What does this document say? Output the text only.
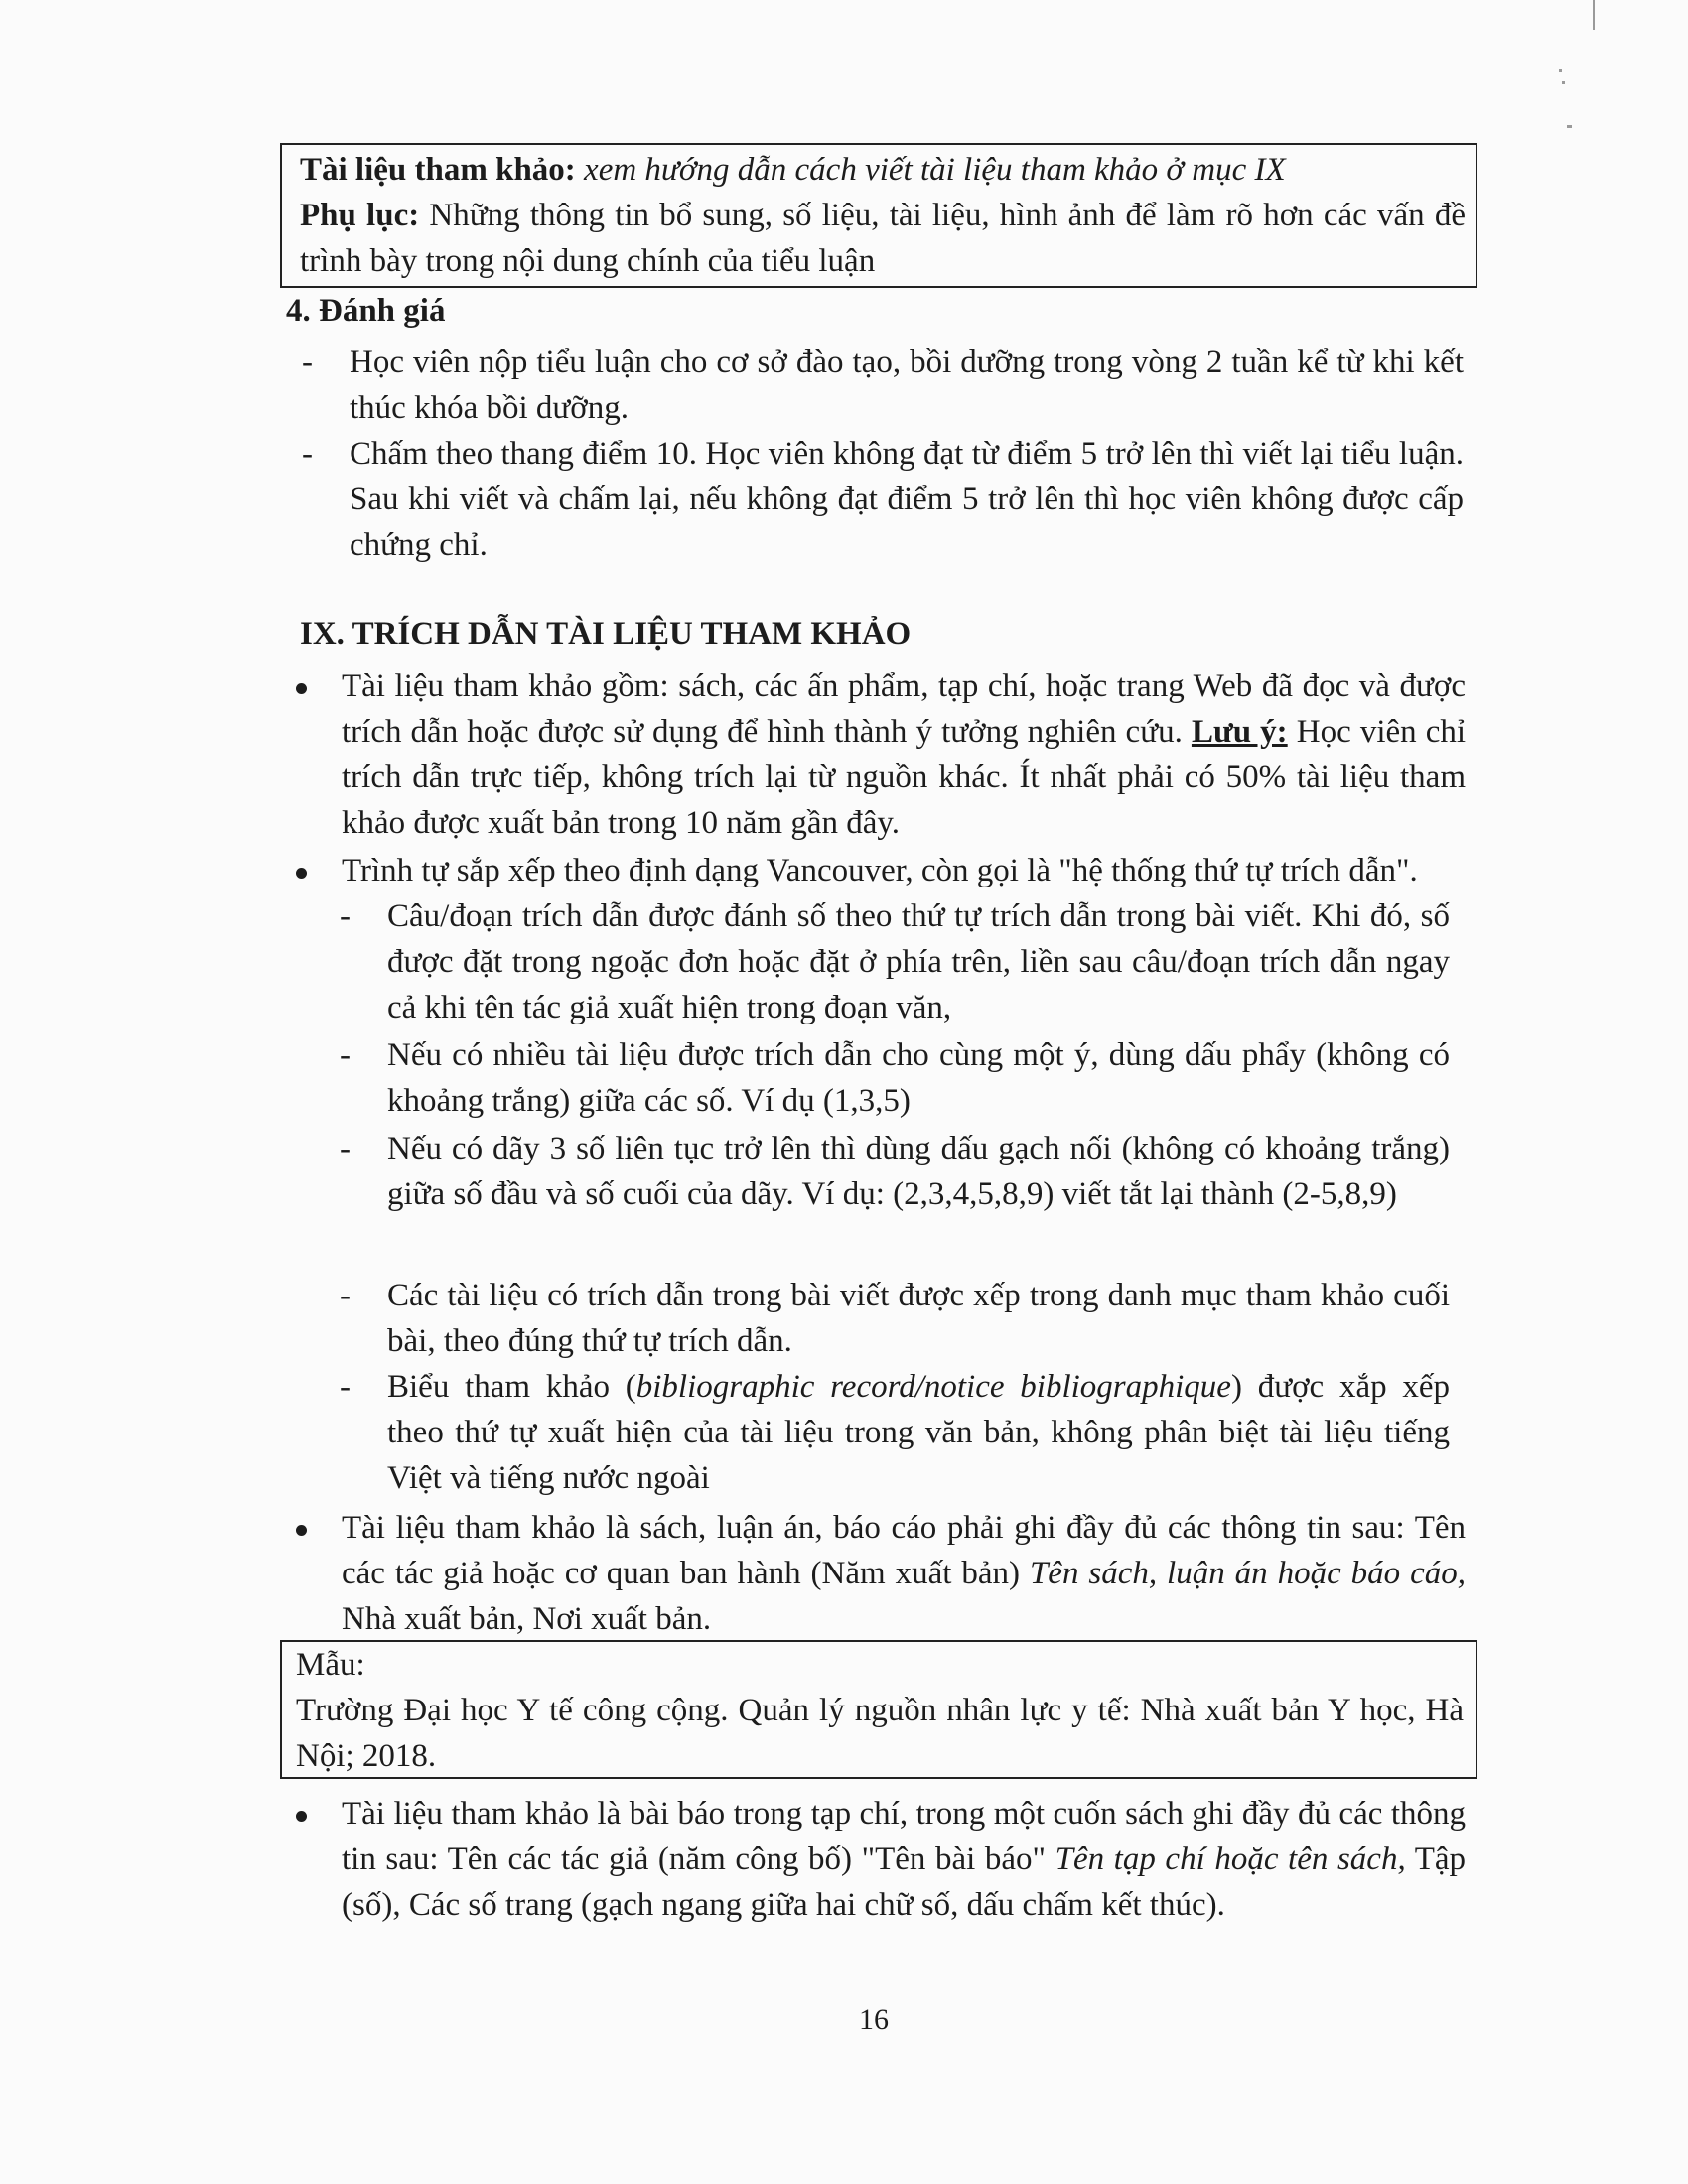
Tài liệu tham khảo: xem hướng dẫn cách viết tài liệu tham khảo ở mục IX

Phụ lục: Những thông tin bổ sung, số liệu, tài liệu, hình ảnh để làm rõ hơn các vấn đề trình bày trong nội dung chính của tiểu luận

4. Đánh giá
- Học viên nộp tiểu luận cho cơ sở đào tạo, bồi dưỡng trong vòng 2 tuần kể từ khi kết thúc khóa bồi dưỡng.
- Chấm theo thang điểm 10. Học viên không đạt từ điểm 5 trở lên thì viết lại tiểu luận. Sau khi viết và chấm lại, nếu không đạt điểm 5 trở lên thì học viên không được cấp chứng chỉ.
IX. TRÍCH DẪN TÀI LIỆU THAM KHẢO
Tài liệu tham khảo gồm: sách, các ấn phẩm, tạp chí, hoặc trang Web đã đọc và được trích dẫn hoặc được sử dụng để hình thành ý tưởng nghiên cứu. Lưu ý: Học viên chỉ trích dẫn trực tiếp, không trích lại từ nguồn khác. Ít nhất phải có 50% tài liệu tham khảo được xuất bản trong 10 năm gần đây.
Trình tự sắp xếp theo định dạng Vancouver, còn gọi là "hệ thống thứ tự trích dẫn".
- Câu/đoạn trích dẫn được đánh số theo thứ tự trích dẫn trong bài viết. Khi đó, số được đặt trong ngoặc đơn hoặc đặt ở phía trên, liền sau câu/đoạn trích dẫn ngay cả khi tên tác giả xuất hiện trong đoạn văn,
- Nếu có nhiều tài liệu được trích dẫn cho cùng một ý, dùng dấu phẩy (không có khoảng trắng) giữa các số. Ví dụ (1,3,5)
- Nếu có dãy 3 số liên tục trở lên thì dùng dấu gạch nối (không có khoảng trắng) giữa số đầu và số cuối của dãy. Ví dụ: (2,3,4,5,8,9) viết tắt lại thành (2-5,8,9)
- Các tài liệu có trích dẫn trong bài viết được xếp trong danh mục tham khảo cuối bài, theo đúng thứ tự trích dẫn.
- Biểu tham khảo (bibliographic record/notice bibliographique) được xắp xếp theo thứ tự xuất hiện của tài liệu trong văn bản, không phân biệt tài liệu tiếng Việt và tiếng nước ngoài
Tài liệu tham khảo là sách, luận án, báo cáo phải ghi đầy đủ các thông tin sau: Tên các tác giả hoặc cơ quan ban hành (Năm xuất bản) Tên sách, luận án hoặc báo cáo, Nhà xuất bản, Nơi xuất bản.

Mẫu:

Trường Đại học Y tế công cộng. Quản lý nguồn nhân lực y tế: Nhà xuất bản Y học, Hà Nội; 2018.

Tài liệu tham khảo là bài báo trong tạp chí, trong một cuốn sách ghi đầy đủ các thông tin sau: Tên các tác giả (năm công bố) "Tên bài báo" Tên tạp chí hoặc tên sách, Tập (số), Các số trang (gạch ngang giữa hai chữ số, dấu chấm kết thúc).
16
